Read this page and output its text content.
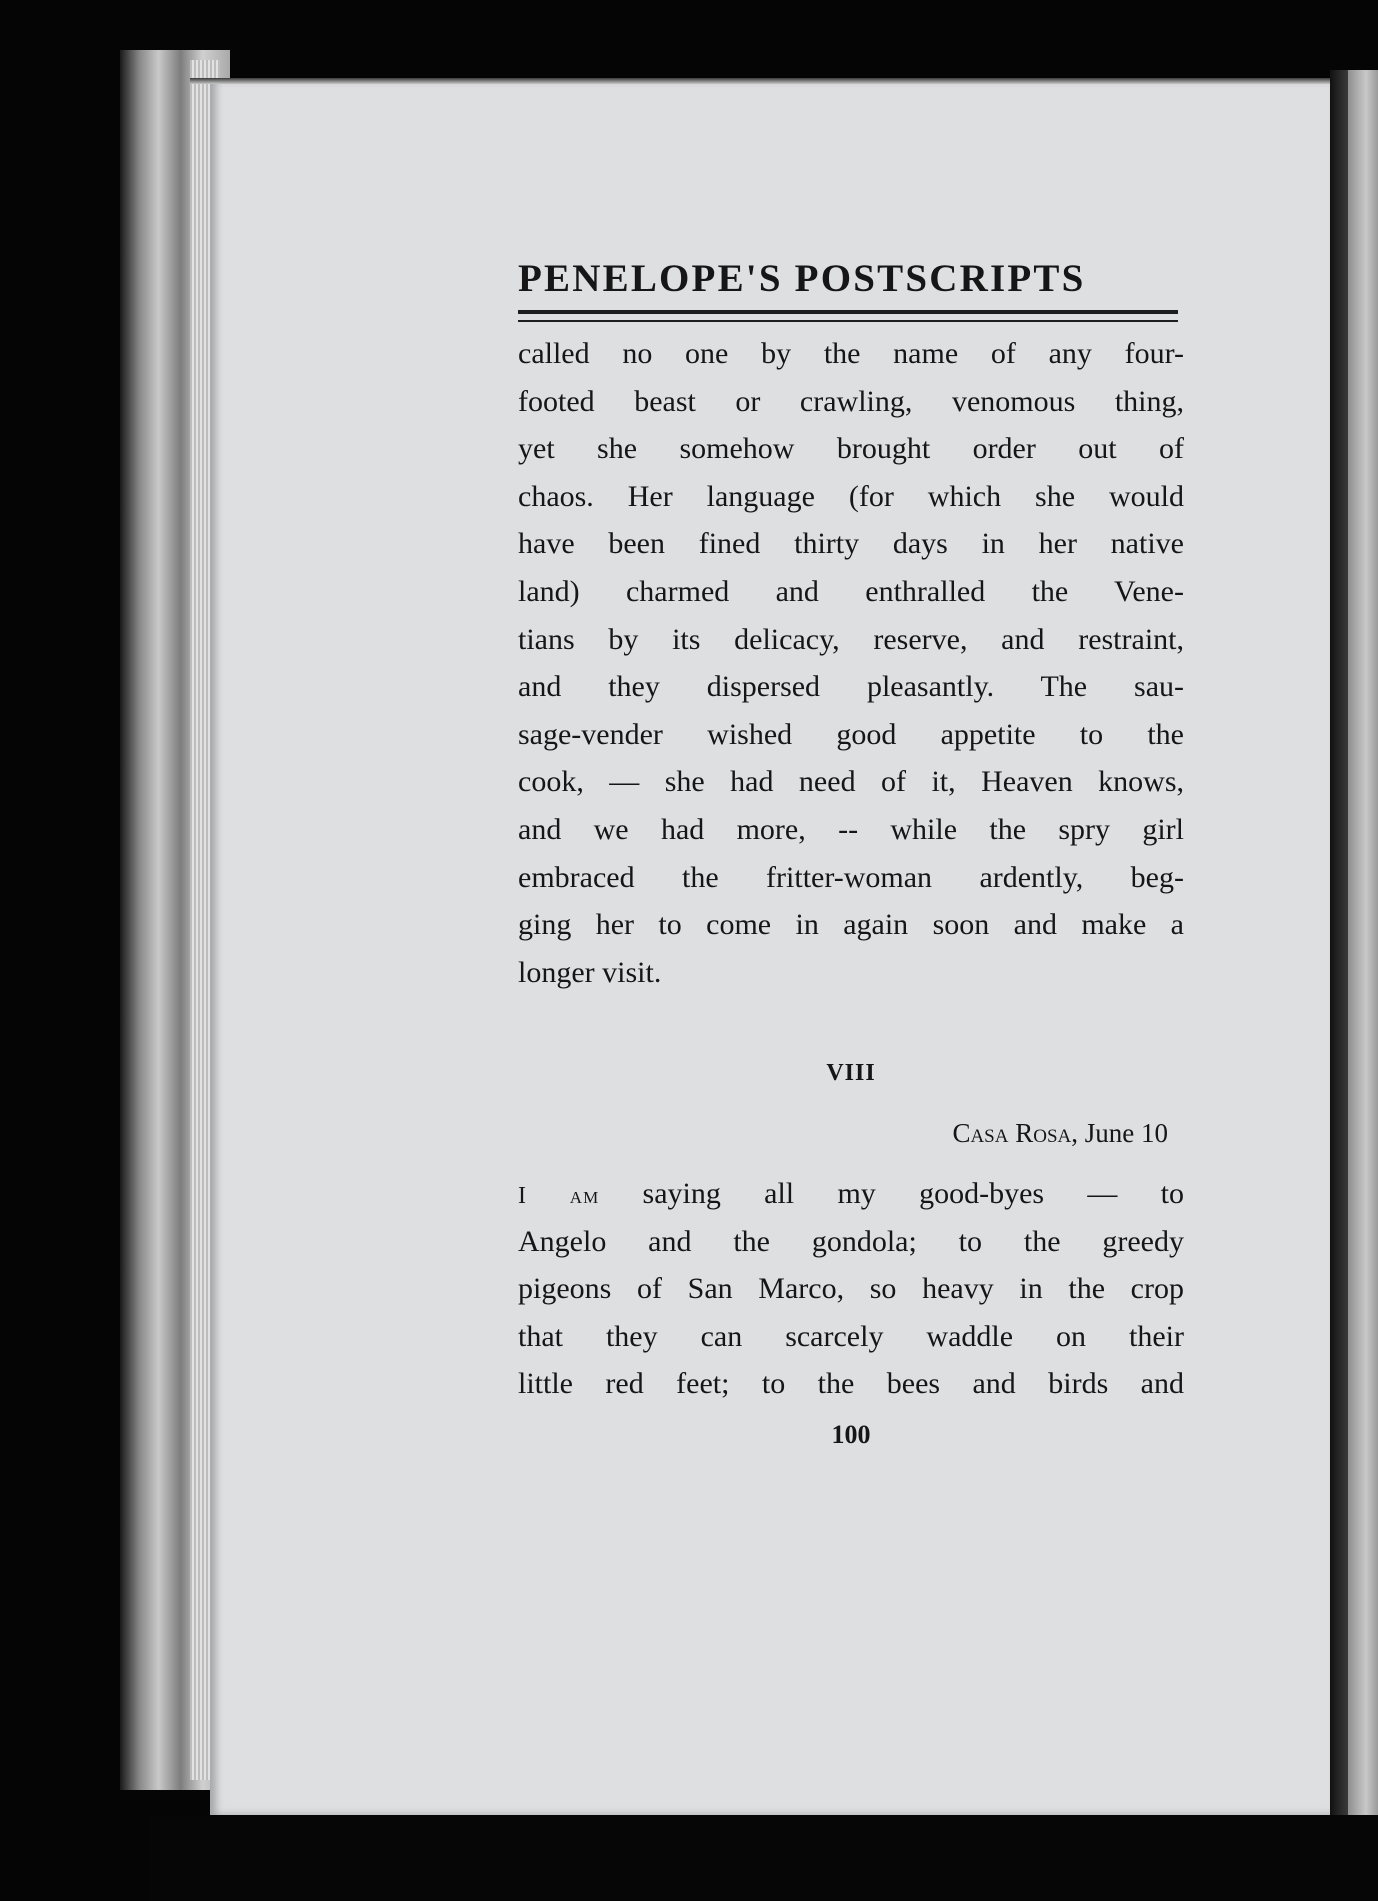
PENELOPE'S POSTSCRIPTS
called no one by the name of any four-
footed beast or crawling, venomous thing,
yet she somehow brought order out of
chaos. Her language (for which she would
have been fined thirty days in her native
land) charmed and enthralled the Vene-
tians by its delicacy, reserve, and restraint,
and they dispersed pleasantly. The sau-
sage-vender wished good appetite to the
cook, — she had need of it, Heaven knows,
and we had more, -- while the spry girl
embraced the fritter-woman ardently, beg-
ging her to come in again soon and make a
longer visit.
VIII
Casa Rosa, June 10
I am saying all my good-byes — to
Angelo and the gondola; to the greedy
pigeons of San Marco, so heavy in the crop
that they can scarcely waddle on their
little red feet; to the bees and birds and
100
